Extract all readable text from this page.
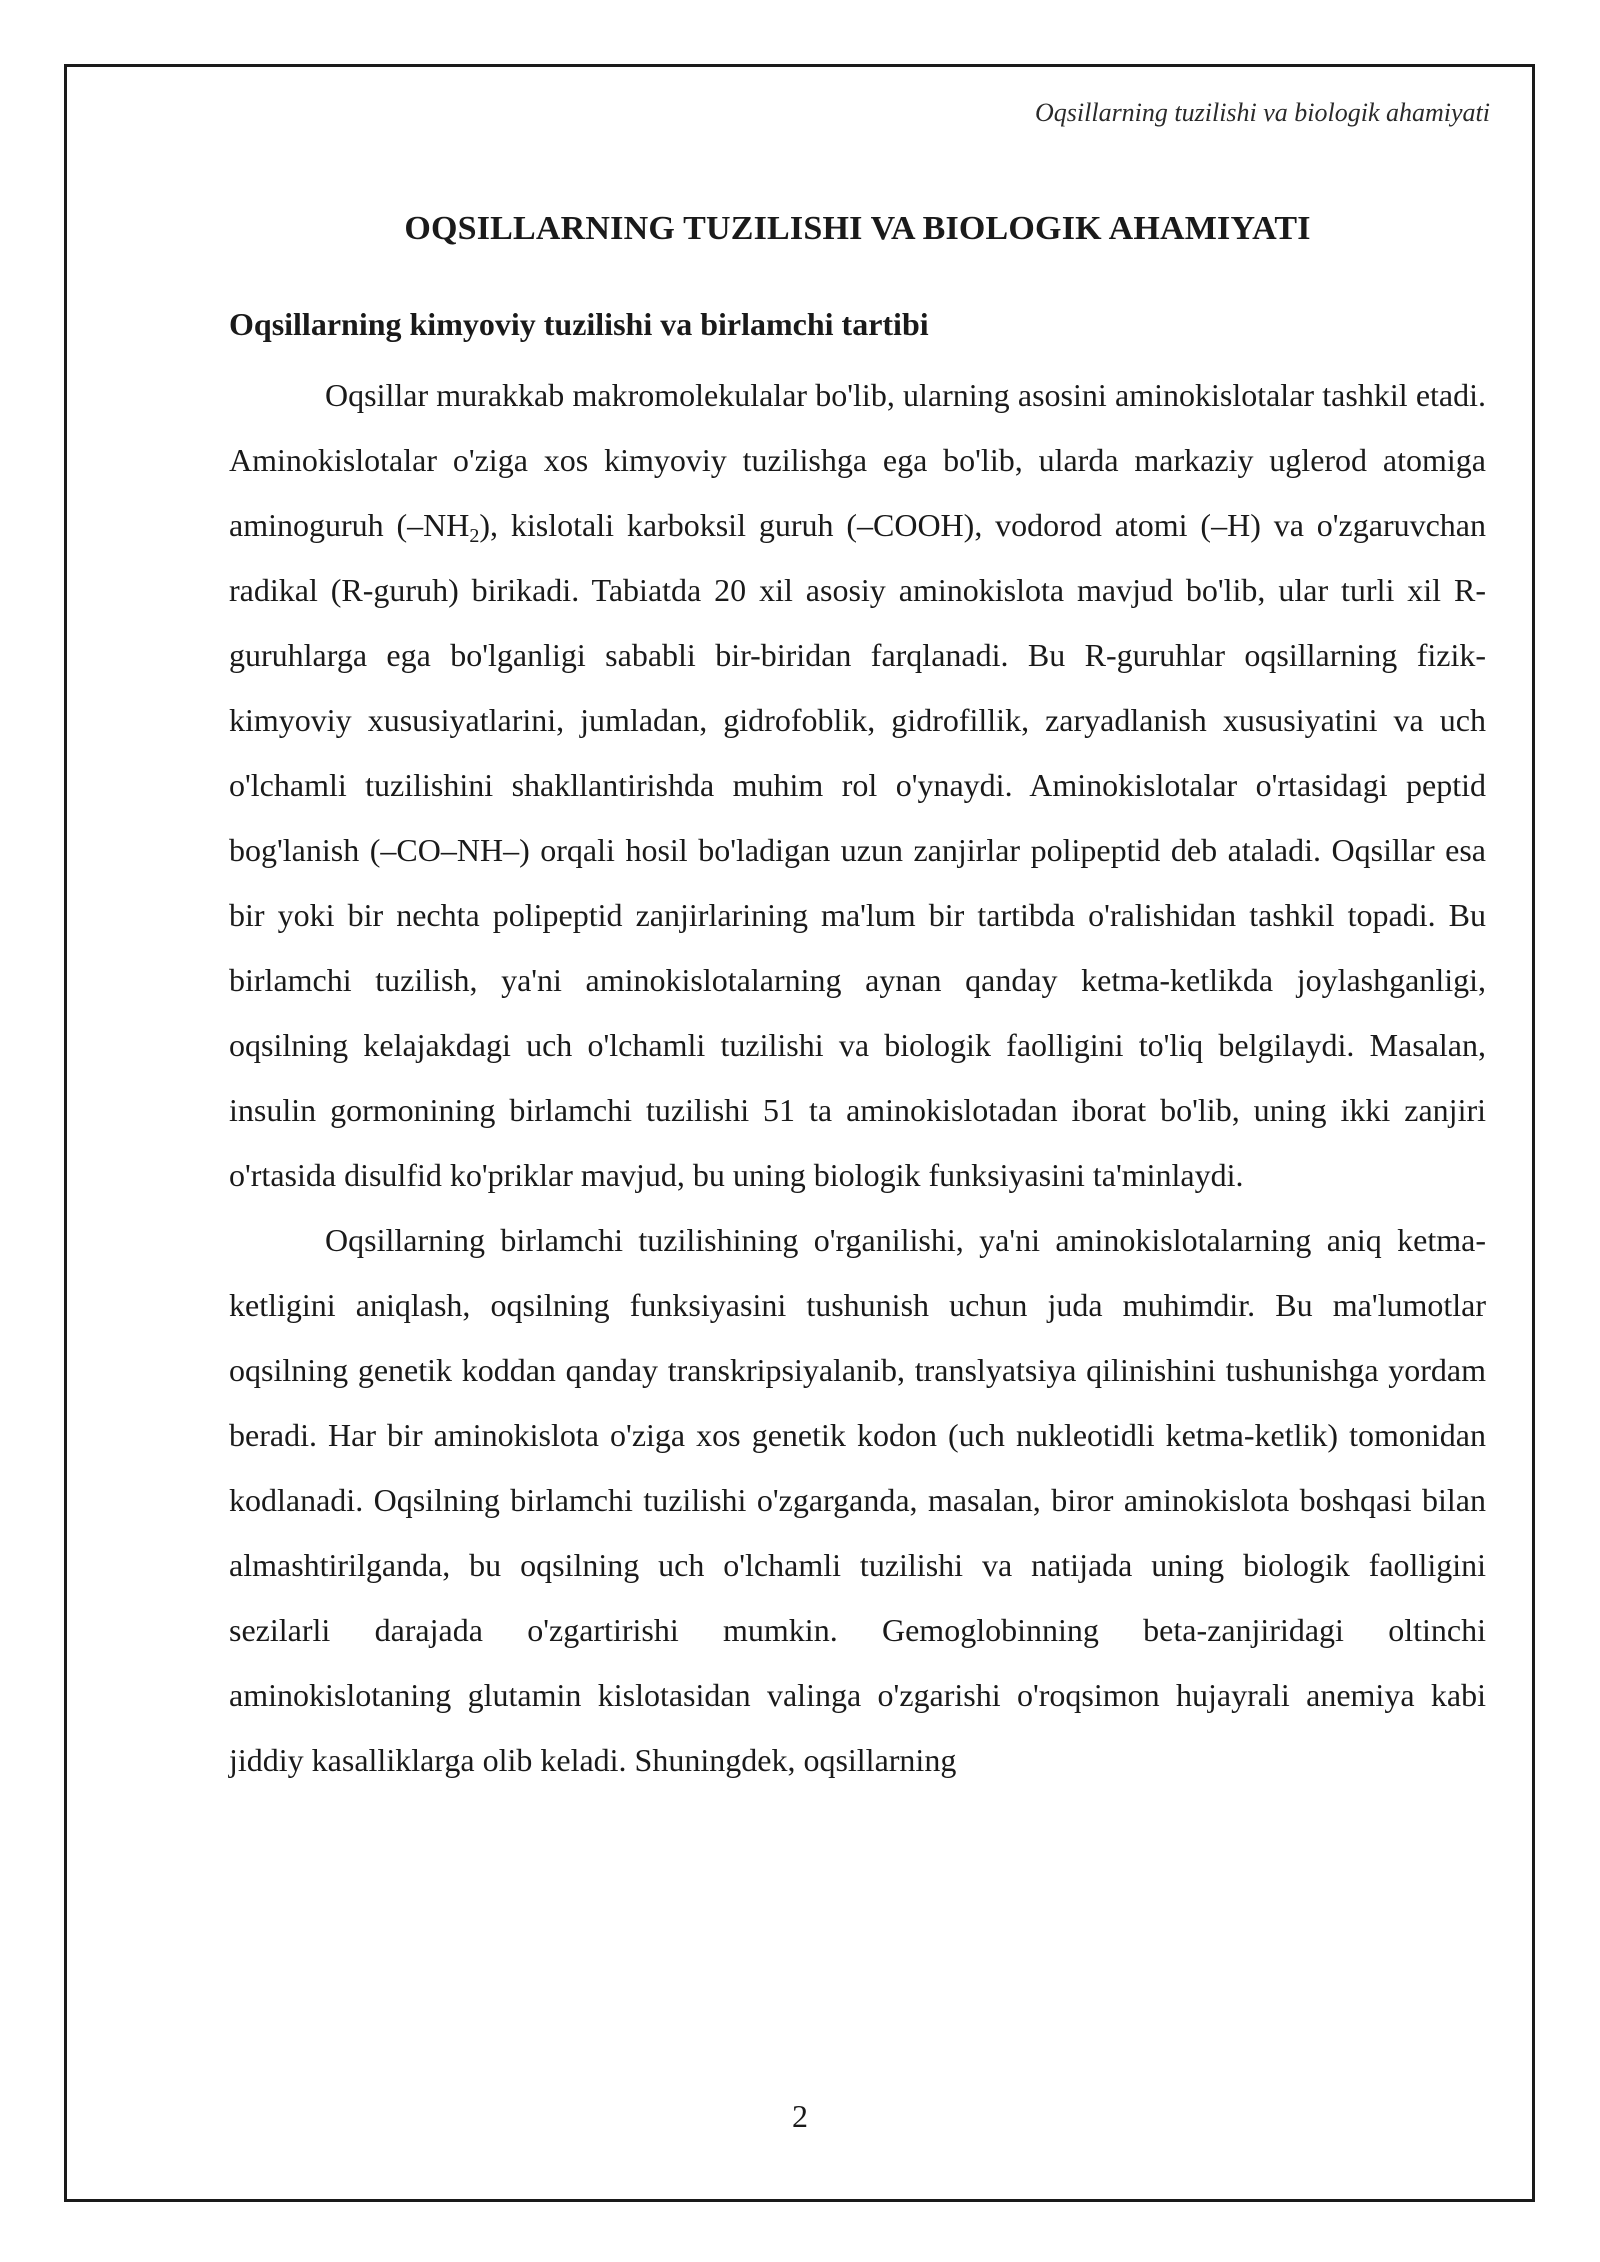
Oqsillarning tuzilishi va biologik ahamiyati
OQSILLARNING TUZILISHI VA BIOLOGIK AHAMIYATI
Oqsillarning kimyoviy tuzilishi va birlamchi tartibi

Oqsillar murakkab makromolekulalar bo'lib, ularning asosini aminokislotalar tashkil etadi. Aminokislotalar o'ziga xos kimyoviy tuzilishga ega bo'lib, ularda markaziy uglerod atomiga aminoguruh $(-NH_2)$, kislotali karboksil guruh (–COOH), vodorod atomi (–H) va o'zgaruvchan radikal (R-guruh) birikadi. Tabiatda 20 xil asosiy aminokislota mavjud bo'lib, ular turli xil R-guruhlarga ega bo'lganligi sababli bir-biridan farqlanadi. Bu R-guruhlar oqsillarning fizik-kimyoviy xususiyatlarini, jumladan, gidrofoblik, gidrofillik, zaryadlanish xususiyatini va uch o'lchamli tuzilishini shakllantirishda muhim rol o'ynaydi. Aminokislotalar o'rtasidagi peptid bog'lanish (–CO–NH–) orqali hosil bo'ladigan uzun zanjirlar polipeptid deb ataladi. Oqsillar esa bir yoki bir nechta polipeptid zanjirlarining ma'lum bir tartibda o'ralishidan tashkil topadi. Bu birlamchi tuzilish, ya'ni aminokislotalarning aynan qanday ketma-ketlikda joylashganligi, oqsilning kelajakdagi uch o'lchamli tuzilishi va biologik faolligini to'liq belgilaydi. Masalan, insulin gormonining birlamchi tuzilishi 51 ta aminokislotadan iborat bo'lib, uning ikki zanjiri o'rtasida disulfid ko'priklar mavjud, bu uning biologik funksiyasini ta'minlaydi.

Oqsillarning birlamchi tuzilishining o'rganilishi, ya'ni aminokislotalarning aniq ketma-ketligini aniqlash, oqsilning funksiyasini tushunish uchun juda muhimdir. Bu ma'lumotlar oqsilning genetik koddan qanday transkripsiyalanib, translyatsiya qilinishini tushunishga yordam beradi. Har bir aminokislota o'ziga xos genetik kodon (uch nukleotidli ketma-ketlik) tomonidan kodlanadi. Oqsilning birlamchi tuzilishi o'zgarganda, masalan, biror aminokislota boshqasi bilan almashtirilganda, bu oqsilning uch o'lchamli tuzilishi va natijada uning biologik faolligini sezilarli darajada o'zgartirishi mumkin. Gemoglobinning beta-zanjiridagi oltinchi aminokislotaning glutamin kislotasidan valinga o'zgarishi o'roqsimon hujayrali anemiya kabi jiddiy kasalliklarga olib keladi. Shuningdek, oqsillarning

2
